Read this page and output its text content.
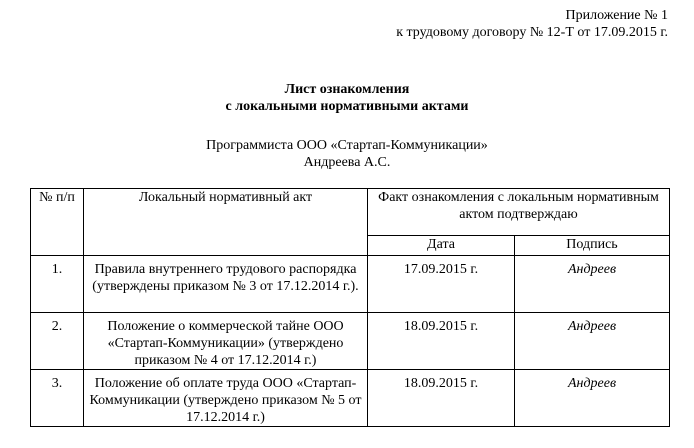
Приложение № 1
к трудовому договору № 12-Т от 17.09.2015 г.
Лист ознакомления
с локальными нормативными актами
Программиста ООО «Стартап-Коммуникации»
Андреева А.С.
№ п/п	Локальный нормативный акт	Факт ознакомления с локальным нормативным актом подтверждаю	
		Дата	Подпись
1.	Правила внутреннего трудового распорядка (утверждены приказом № 3 от 17.12.2014 г.).	17.09.2015 г.	Андреев
2.	Положение о коммерческой тайне ООО «Стартап-Коммуникации» (утверждено приказом № 4 от 17.12.2014 г.)	18.09.2015 г.	Андреев
3.	Положение об оплате труда ООО «Стартап-Коммуникации (утверждено приказом № 5 от 17.12.2014 г.)	18.09.2015 г.	Андреев
